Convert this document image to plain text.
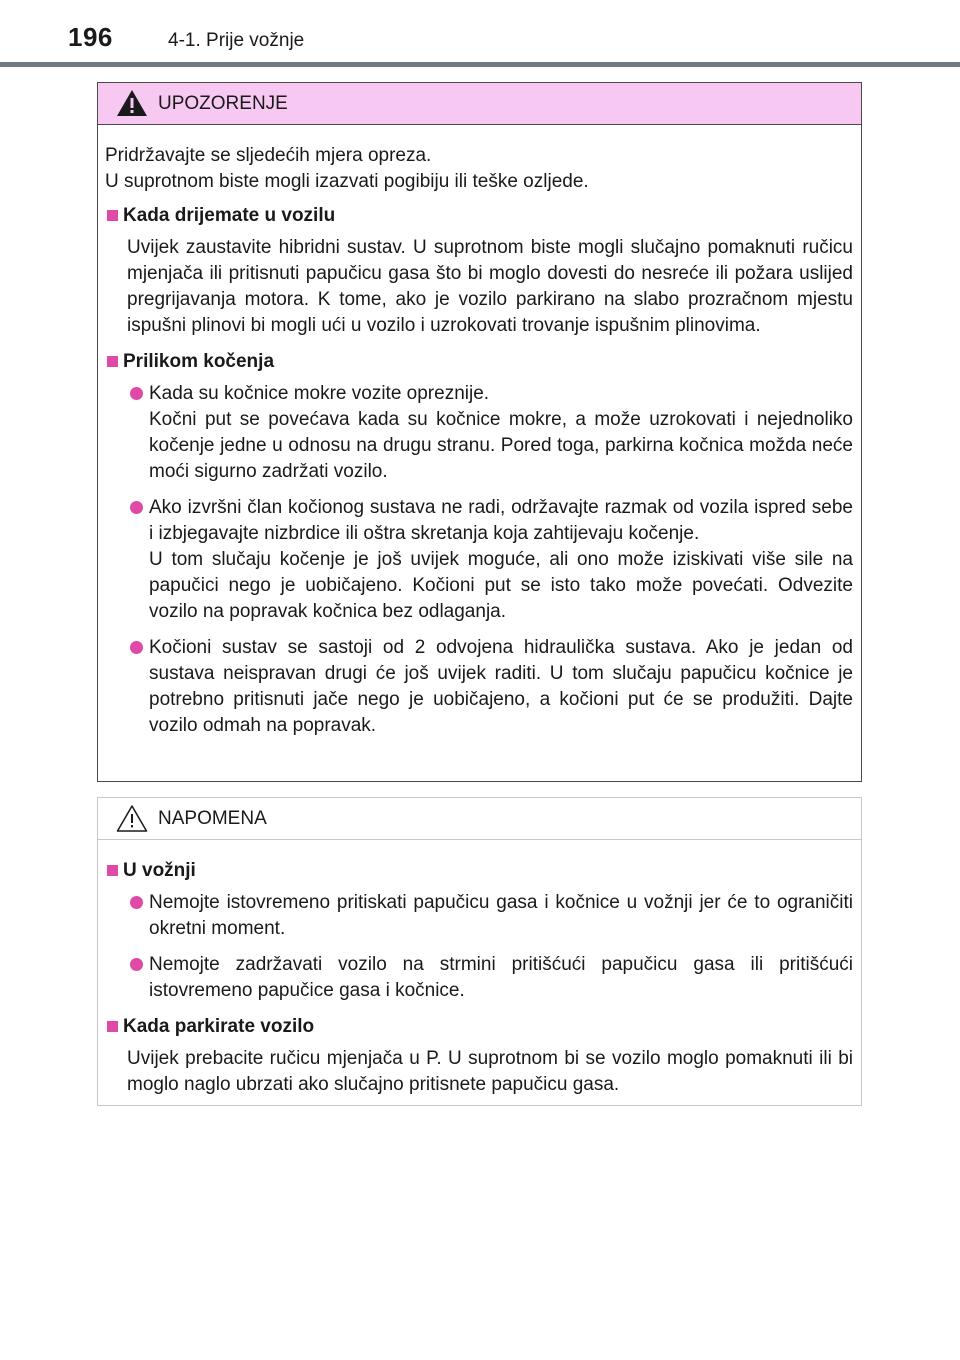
196	4-1. Prije vožnje
UPOZORENJE

Pridržavajte se sljedećih mjera opreza.

U suprotnom biste mogli izazvati pogibiju ili teške ozljede.

Kada drijemate u vozilu

Uvijek zaustavite hibridni sustav. U suprotnom biste mogli slučajno pomaknuti ručicu mjenjača ili pritisnuti papučicu gasa što bi moglo dovesti do nesreće ili požara uslijed pregrijavanja motora. K tome, ako je vozilo parkirano na slabo prozračnom mjestu ispušni plinovi bi mogli ući u vozilo i uzrokovati trovanje ispušnim plinovima.

Prilikom kočenja
Kada su kočnice mokre vozite opreznije.
Kočni put se povećava kada su kočnice mokre, a može uzrokovati i nejednoliko kočenje jedne u odnosu na drugu stranu. Pored toga, parkirna kočnica možda neće moći sigurno zadržati vozilo.
Ako izvršni član kočionog sustava ne radi, održavajte razmak od vozila ispred sebe i izbjegavajte nizbrdice ili oštra skretanja koja zahtijevaju kočenje.
U tom slučaju kočenje je još uvijek moguće, ali ono može iziskivati više sile na papučici nego je uobičajeno. Kočioni put se isto tako može povećati. Odvezite vozilo na popravak kočnica bez odlaganja.
Kočioni sustav se sastoji od 2 odvojena hidraulička sustava. Ako je jedan od sustava neispravan drugi će još uvijek raditi. U tom slučaju papučicu kočnice je potrebno pritisnuti jače nego je uobičajeno, a kočioni put će se produžiti. Dajte vozilo odmah na popravak.
NAPOMENA
U vožnji
Nemojte istovremeno pritiskati papučicu gasa i kočnice u vožnji jer će to ograničiti okretni moment.
Nemojte zadržavati vozilo na strmini pritišćući papučicu gasa ili pritišćući istovremeno papučice gasa i kočnice.
Kada parkirate vozilo

Uvijek prebacite ručicu mjenjača u P. U suprotnom bi se vozilo moglo pomaknuti ili bi moglo naglo ubrzati ako slučajno pritisnete papučicu gasa.
